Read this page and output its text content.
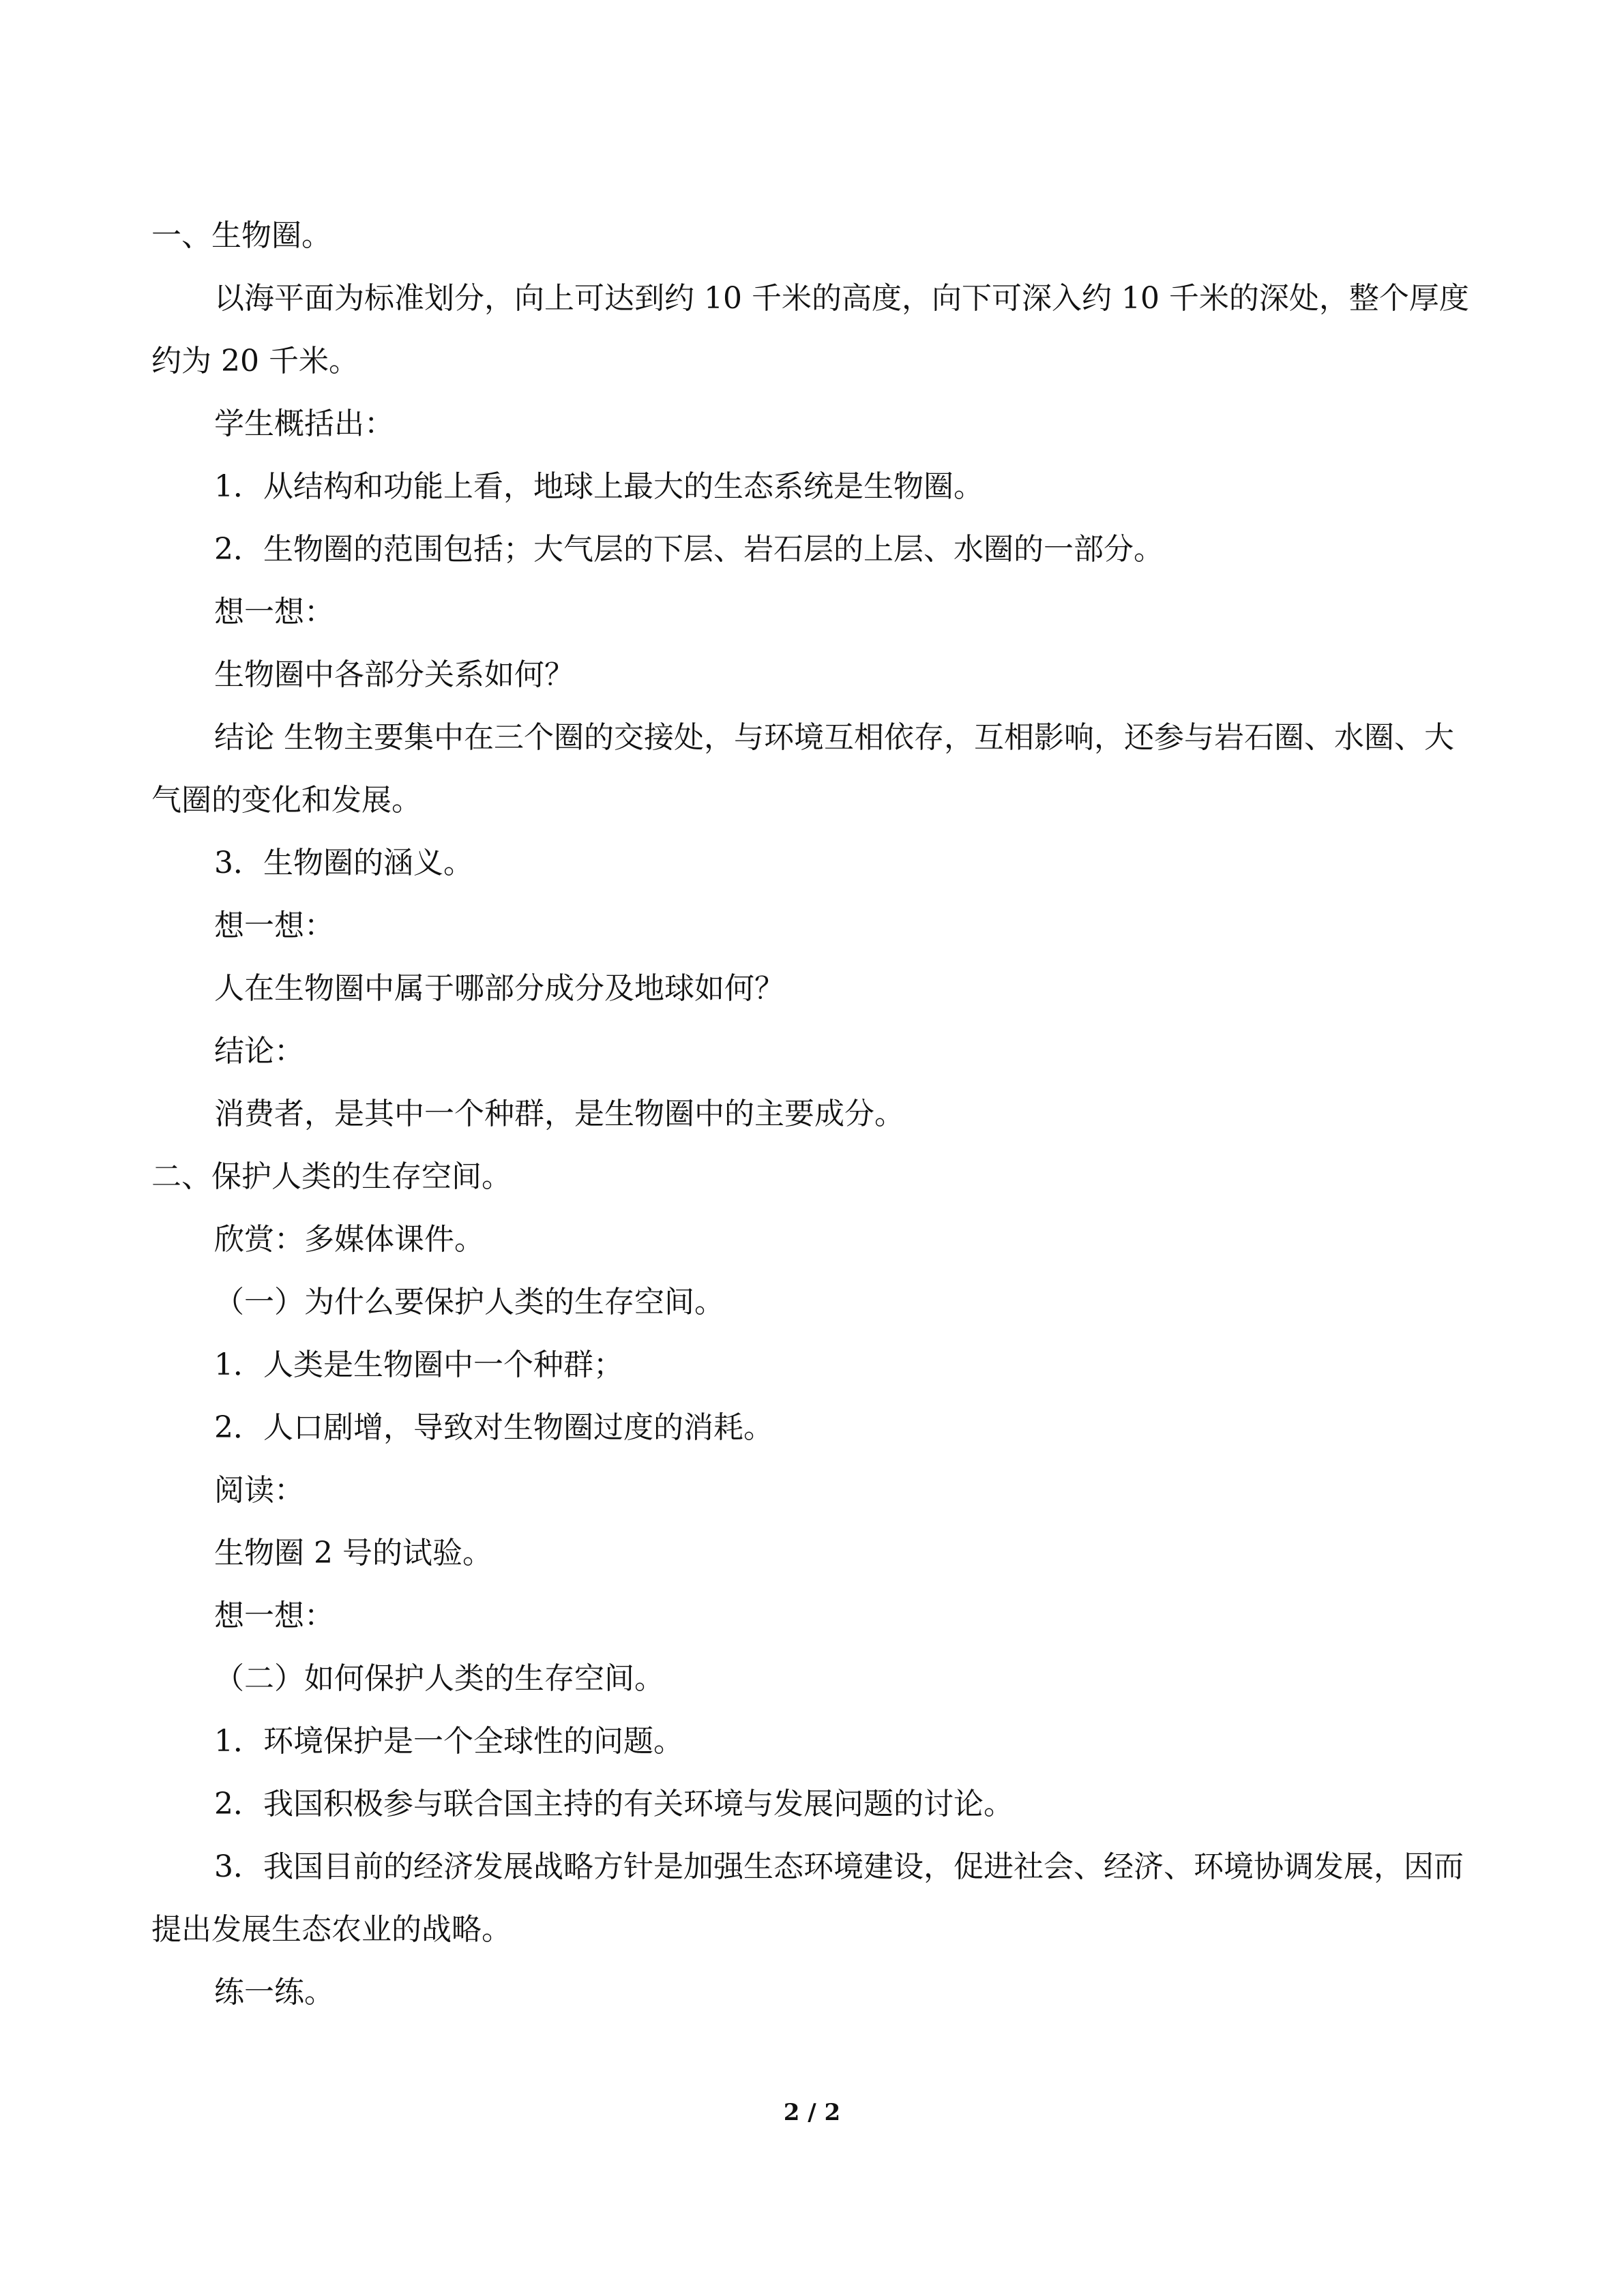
一、生物圈。
以海平面为标准划分，向上可达到约 10 千米的高度，向下可深入约 10 千米的深处，整个厚度约为 20 千米。
学生概括出：
1．从结构和功能上看，地球上最大的生态系统是生物圈。
2．生物圈的范围包括；大气层的下层、岩石层的上层、水圈的一部分。
想一想：
生物圈中各部分关系如何？
结论 生物主要集中在三个圈的交接处，与环境互相依存，互相影响，还参与岩石圈、水圈、大气圈的变化和发展。
3．生物圈的涵义。
想一想：
人在生物圈中属于哪部分成分及地球如何？
结论：
消费者，是其中一个种群，是生物圈中的主要成分。
二、保护人类的生存空间。
欣赏：多媒体课件。
（一）为什么要保护人类的生存空间。
1．人类是生物圈中一个种群；
2．人口剧增，导致对生物圈过度的消耗。
阅读：
生物圈 2 号的试验。
想一想：
（二）如何保护人类的生存空间。
1．环境保护是一个全球性的问题。
2．我国积极参与联合国主持的有关环境与发展问题的讨论。
3．我国目前的经济发展战略方针是加强生态环境建设，促进社会、经济、环境协调发展，因而提出发展生态农业的战略。
练一练。
2 / 2
